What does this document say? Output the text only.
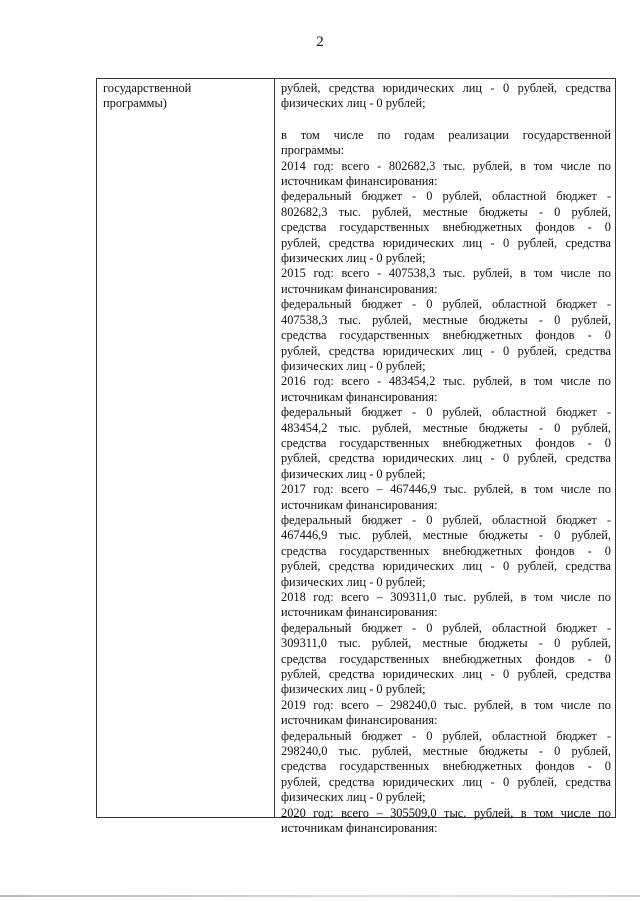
2
государственной
программы)
рублей, средства юридических лиц - 0 рублей, средства
физических лиц - 0 рублей;
в том числе по годам реализации государственной
программы:
2014 год: всего - 802682,3 тыс. рублей, в том числе по
источникам финансирования:
федеральный бюджет - 0 рублей, областной бюджет -
802682,3 тыс. рублей, местные бюджеты - 0 рублей,
средства государственных внебюджетных фондов - 0
рублей, средства юридических лиц - 0 рублей, средства
физических лиц - 0 рублей;
2015 год: всего - 407538,3 тыс. рублей, в том числе по
источникам финансирования:
федеральный бюджет - 0 рублей, областной бюджет -
407538,3 тыс. рублей, местные бюджеты - 0 рублей,
средства государственных внебюджетных фондов - 0
рублей, средства юридических лиц - 0 рублей, средства
физических лиц - 0 рублей;
2016 год: всего - 483454,2 тыс. рублей, в том числе по
источникам финансирования:
федеральный бюджет - 0 рублей, областной бюджет -
483454,2 тыс. рублей, местные бюджеты - 0 рублей,
средства государственных внебюджетных фондов - 0
рублей, средства юридических лиц - 0 рублей, средства
физических лиц - 0 рублей;
2017 год: всего – 467446,9 тыс. рублей, в том числе по
источникам финансирования:
федеральный бюджет - 0 рублей, областной бюджет -
467446,9 тыс. рублей, местные бюджеты - 0 рублей,
средства государственных внебюджетных фондов - 0
рублей, средства юридических лиц - 0 рублей, средства
физических лиц - 0 рублей;
2018 год: всего – 309311,0 тыс. рублей, в том числе по
источникам финансирования:
федеральный бюджет - 0 рублей, областной бюджет -
309311,0 тыс. рублей, местные бюджеты - 0 рублей,
средства государственных внебюджетных фондов - 0
рублей, средства юридических лиц - 0 рублей, средства
физических лиц - 0 рублей;
2019 год: всего – 298240,0 тыс. рублей, в том числе по
источникам финансирования:
федеральный бюджет - 0 рублей, областной бюджет -
298240,0 тыс. рублей, местные бюджеты - 0 рублей,
средства государственных внебюджетных фондов - 0
рублей, средства юридических лиц - 0 рублей, средства
физических лиц - 0 рублей;
2020 год: всего – 305509,0 тыс. рублей, в том числе по
источникам финансирования:
